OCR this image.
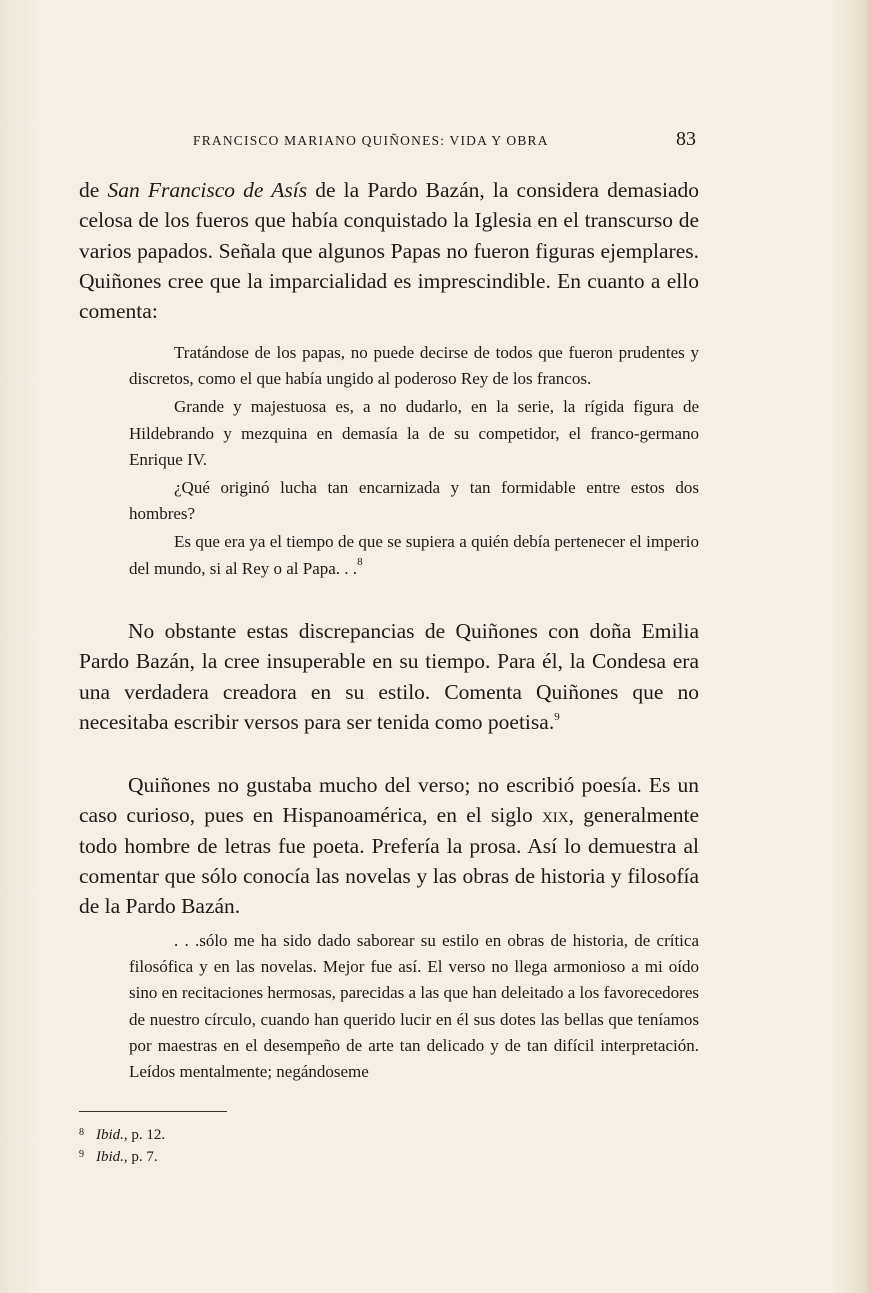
FRANCISCO MARIANO QUIÑONES: VIDA Y OBRA	83
de San Francisco de Asís de la Pardo Bazán, la considera demasiado celosa de los fueros que había conquistado la Iglesia en el transcurso de varios papados. Señala que algunos Papas no fueron figuras ejemplares. Quiñones cree que la imparcialidad es imprescindible. En cuanto a ello comenta:

Tratándose de los papas, no puede decirse de todos que fueron prudentes y discretos, como el que había ungido al poderoso Rey de los francos.

Grande y majestuosa es, a no dudarlo, en la serie, la rígida figura de Hildebrando y mezquina en demasía la de su competidor, el franco-germano Enrique IV.

¿Qué originó lucha tan encarnizada y tan formidable entre estos dos hombres?

Es que era ya el tiempo de que se supiera a quién debía pertenecer el imperio del mundo, si al Rey o al Papa. . .$^8$

No obstante estas discrepancias de Quiñones con doña Emilia Pardo Bazán, la cree insuperable en su tiempo. Para él, la Condesa era una verdadera creadora en su estilo. Comenta Quiñones que no necesitaba escribir versos para ser tenida como poetisa.$^9$
Quiñones no gustaba mucho del verso; no escribió poesía. Es un caso curioso, pues en Hispanoamérica, en el siglo xix, generalmente todo hombre de letras fue poeta. Prefería la prosa. Así lo demuestra al comentar que sólo conocía las novelas y las obras de historia y filosofía de la Pardo Bazán.

. . .sólo me ha sido dado saborear su estilo en obras de historia, de crítica filosófica y en las novelas. Mejor fue así. El verso no llega armonioso a mi oído sino en recitaciones hermosas, parecidas a las que han deleitado a los favorecedores de nuestro círculo, cuando han querido lucir en él sus dotes las bellas que teníamos por maestras en el desempeño de arte tan delicado y de tan difícil interpretación. Leídos mentalmente; negándoseme

$^8$ Ibid., p. 12.
$^9$ Ibid., p. 7.
